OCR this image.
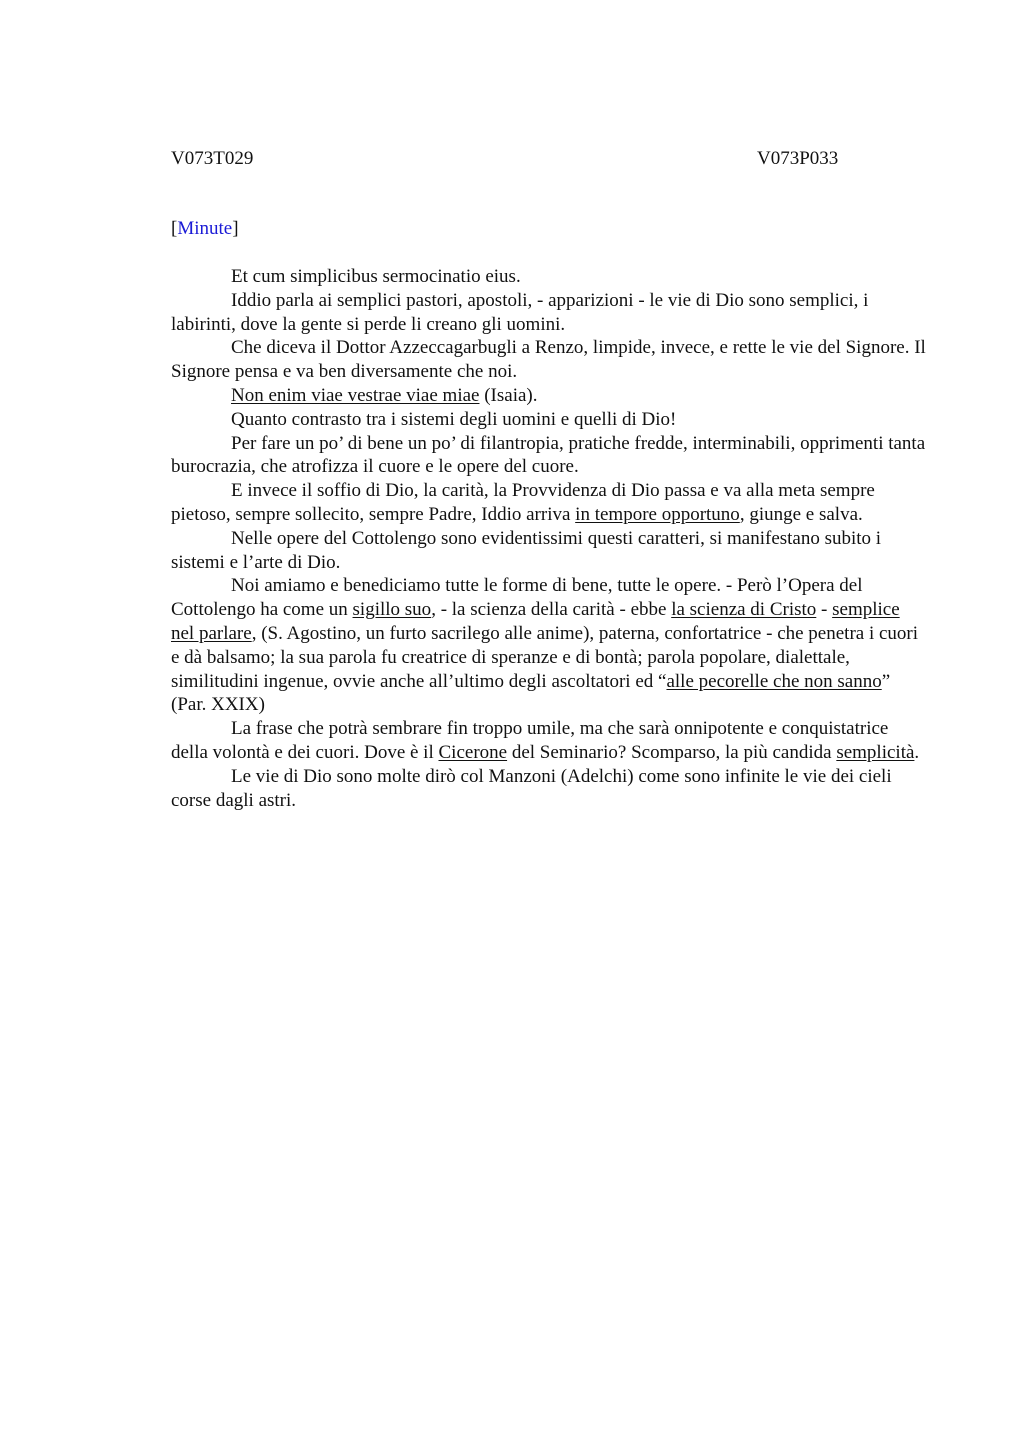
V073T029	V073P033
[Minute]

Et cum simplicibus sermocinatio eius.

Iddio parla ai semplici pastori, apostoli, - apparizioni - le vie di Dio sono semplici, i labirinti, dove la gente si perde li creano gli uomini.

Che diceva il Dottor Azzeccagarbugli a Renzo, limpide, invece, e rette le vie del Signore. Il Signore pensa e va ben diversamente che noi.

Non enim viae vestrae viae miae (Isaia).

Quanto contrasto tra i sistemi degli uomini e quelli di Dio!

Per fare un po’ di bene un po’ di filantropia, pratiche fredde, interminabili, opprimenti tanta burocrazia, che atrofizza il cuore e le opere del cuore.

E invece il soffio di Dio, la carità, la Provvidenza di Dio passa e va alla meta sempre pietoso, sempre sollecito, sempre Padre, Iddio arriva in tempore opportuno, giunge e salva.

Nelle opere del Cottolengo sono evidentissimi questi caratteri, si manifestano subito i sistemi e l’arte di Dio.

Noi amiamo e benediciamo tutte le forme di bene, tutte le opere. - Però l’Opera del Cottolengo ha come un sigillo suo, - la scienza della carità - ebbe la scienza di Cristo - semplice nel parlare, (S. Agostino, un furto sacrilego alle anime), paterna, confortatrice - che penetra i cuori e dà balsamo; la sua parola fu creatrice di speranze e di bontà; parola popolare, dialettale, similitudini ingenue, ovvie anche all’ultimo degli ascoltatori ed “alle pecorelle che non sanno” (Par. XXIX)

La frase che potrà sembrare fin troppo umile, ma che sarà onnipotente e conquistatrice della volontà e dei cuori. Dove è il Cicerone del Seminario? Scomparso, la più candida semplicità.

Le vie di Dio sono molte dirò col Manzoni (Adelchi) come sono infinite le vie dei cieli corse dagli astri.
